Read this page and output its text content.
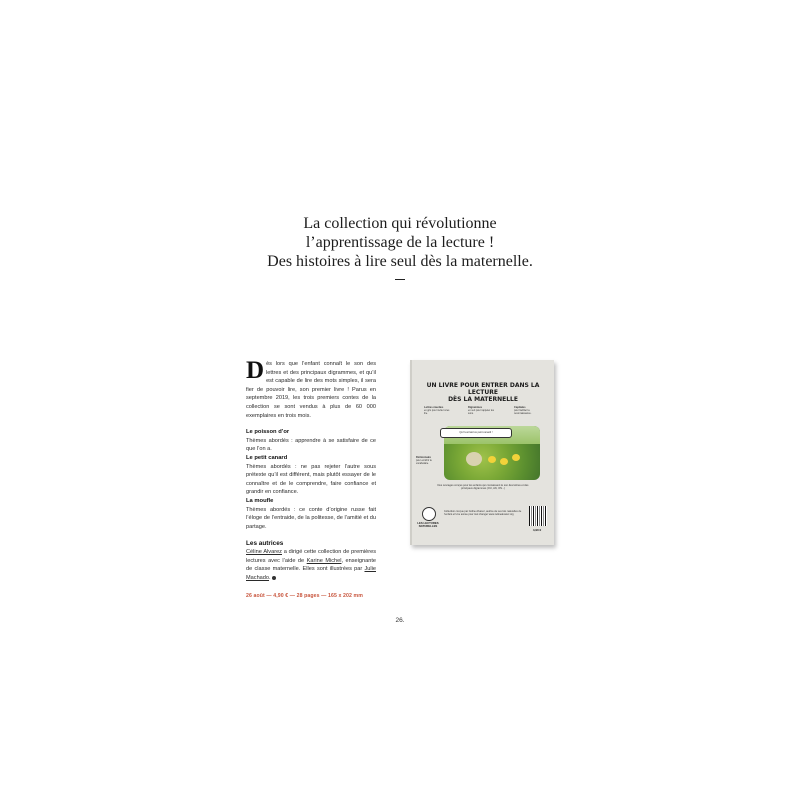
La collection qui révolutionne
l’apprentissage de la lecture !
Des histoires à lire seul dès la maternelle.

Dès lors que l’enfant connaît le son des lettres et des principaux digrammes, et qu’il est capable de lire des mots simples, il sera fier de pouvoir lire, son premier livre ! Parus en septembre 2019, les trois premiers contes de la collection se sont vendus à plus de 60 000 exemplaires en trois mois.

Le poisson d’or

Thèmes abordés : apprendre à se satisfaire de ce que l’on a.

Le petit canard

Thèmes abordés : ne pas rejeter l’autre sous prétexte qu’il est différent, mais plutôt essayer de le connaître et de le comprendre, faire confiance et grandir en confiance.

La moufle

Thèmes abordés : ce conte d’origine russe fait l’éloge de l’entraide, de la politesse, de l’amitié et du partage.

Les autrices

Céline Alvarez a dirigé cette collection de premières lectures avec l’aide de Karine Michel, enseignante de classe maternelle. Elles sont illustrées par Julie Machado.

26 août — 4,90 € — 28 pages — 165 x 202 mm
UN LIVRE POUR ENTRER DANS LA LECTURE
DÈS LA MATERNELLE
Lettres muettes
en gris pour inviter à les lire.
Digrammes
en vert pour rappeler les sons.
Capitales
pour faciliter la reconnaissance.
Dictionnaire
pour enrichir le vocabulaire.
Qu’il est laid ce petit canard !
Des ouvrages conçus pour les enfants qui connaissent le son des lettres et des principaux digrammes (OU, AN, ON...)
LES LECTURES NATURELLES
Collection conçue par Céline Alvarez, autrice de Les lois naturelles de l’enfant et Une année pour tout changer www.celinealvarez.org
4,90 €
26.
